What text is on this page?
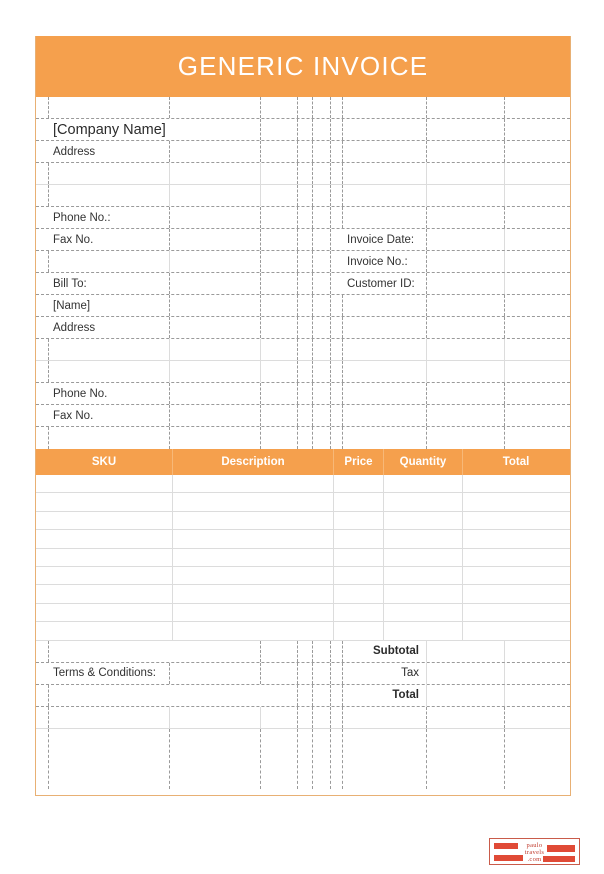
GENERIC INVOICE
[Company Name]
Address
Phone No.:
Fax No.	Invoice Date:
Invoice No.:
Bill To:	Customer ID:
[Name]
Address
Phone No.
Fax No.
SKU	Description	Price	Quantity	Total
Subtotal
Terms & Conditions:	Tax
Total
paulo
travels
.com
